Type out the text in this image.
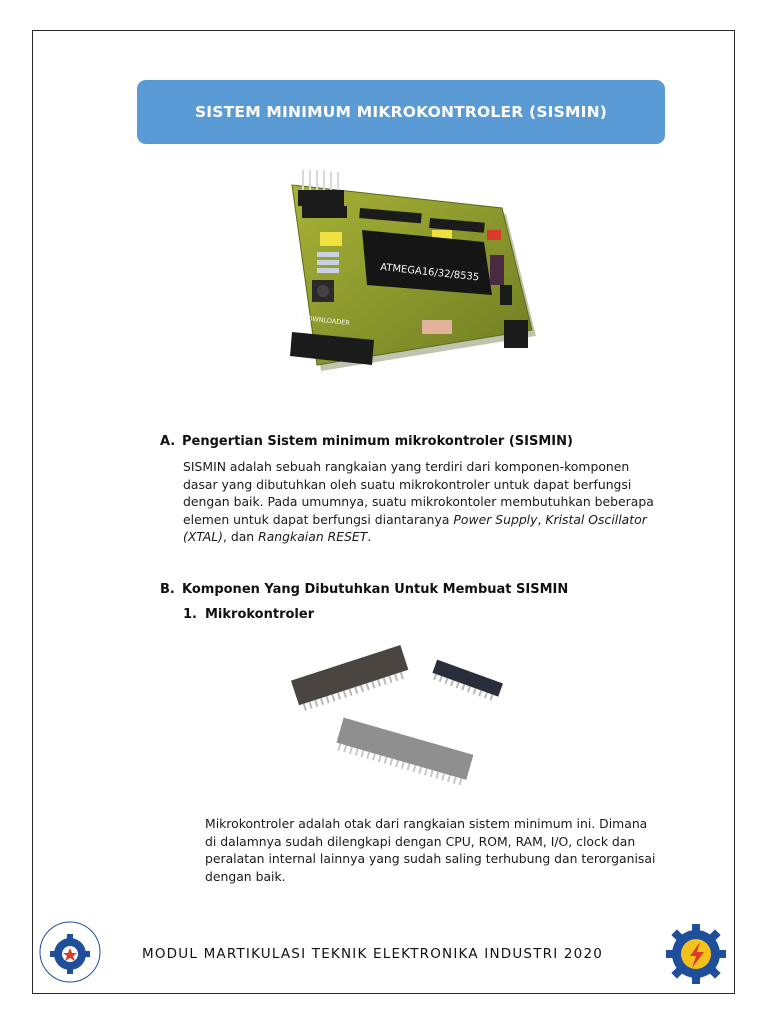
SISTEM MINIMUM MIKROKONTROLER (SISMIN)
ATMEGA16/32/8535
DOWNLOADER
A. Pengertian Sistem minimum mikrokontroler (SISMIN)
SISMIN adalah sebuah rangkaian yang terdiri dari komponen-komponen
dasar yang dibutuhkan oleh suatu mikrokontroler untuk dapat berfungsi
dengan baik. Pada umumnya, suatu mikrokontoler membutuhkan beberapa
elemen untuk dapat berfungsi diantaranya Power Supply, Kristal Oscillator
(XTAL), dan Rangkaian RESET.
B. Komponen Yang Dibutuhkan Untuk Membuat SISMIN
1. Mikrokontroler
Mikrokontroler adalah otak dari rangkaian sistem minimum ini. Dimana
di dalamnya sudah dilengkapi dengan CPU, ROM, RAM, I/O, clock dan
peralatan internal lainnya yang sudah saling terhubung dan terorganisai
dengan baik.
MODUL MARTIKULASI TEKNIK ELEKTRONIKA INDUSTRI 2020
